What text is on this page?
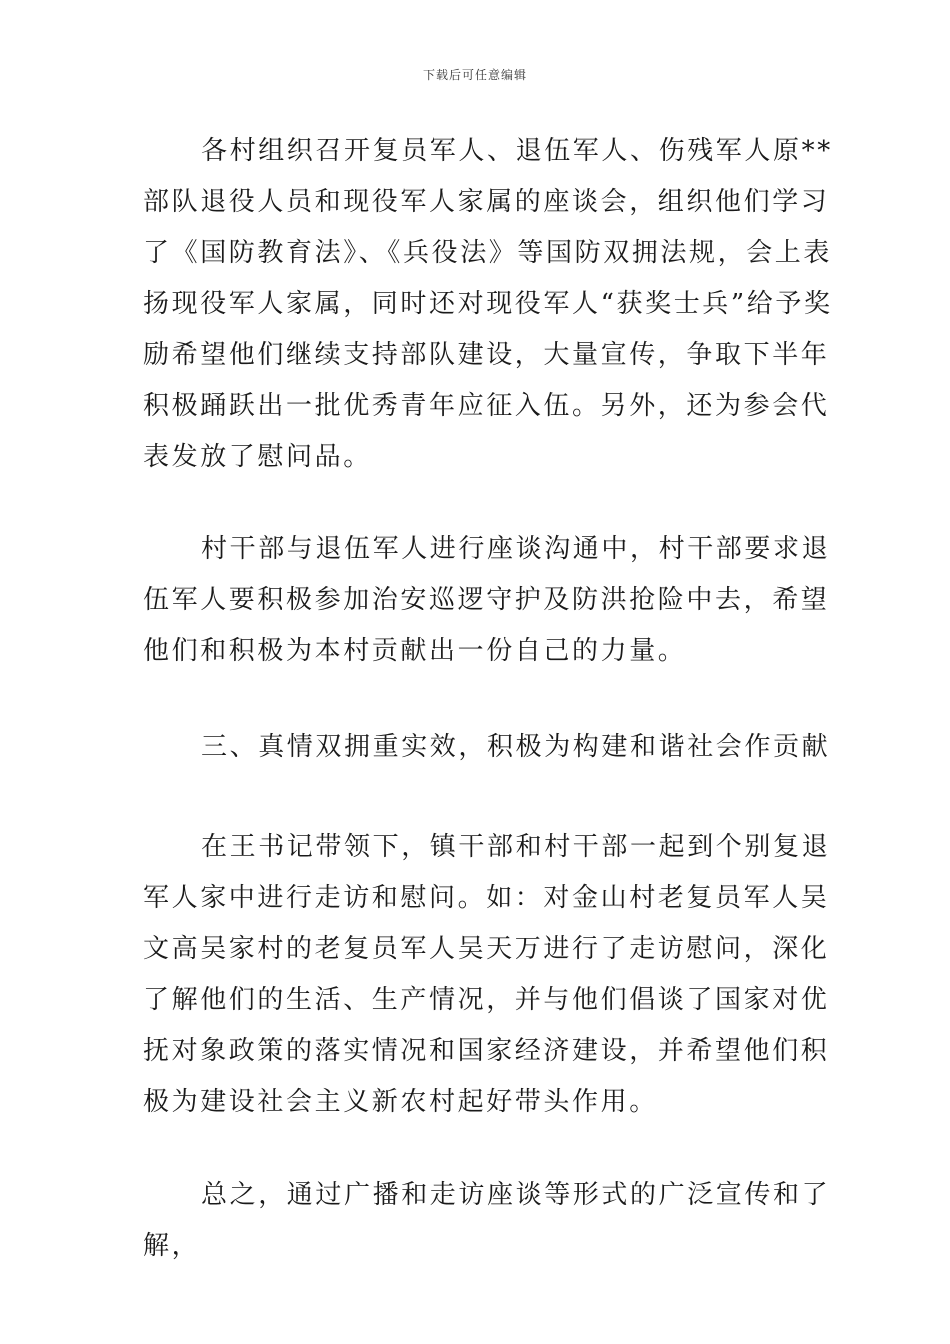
下载后可任意编辑

各村组织召开复员军人、退伍军人、伤残军人原**部队退役人员和现役军人家属的座谈会，组织他们学习了《国防教育法》、《兵役法》等国防双拥法规，会上表扬现役军人家属，同时还对现役军人“获奖士兵”给予奖励希望他们继续支持部队建设，大量宣传，争取下半年积极踊跃出一批优秀青年应征入伍。另外，还为参会代表发放了慰问品。

村干部与退伍军人进行座谈沟通中，村干部要求退伍军人要积极参加治安巡逻守护及防洪抢险中去，希望他们和积极为本村贡献出一份自己的力量。

三、真情双拥重实效，积极为构建和谐社会作贡献

在王书记带领下，镇干部和村干部一起到个别复退军人家中进行走访和慰问。如：对金山村老复员军人吴文高吴家村的老复员军人吴天万进行了走访慰问，深化了解他们的生活、生产情况，并与他们倡谈了国家对优抚对象政策的落实情况和国家经济建设，并希望他们积极为建设社会主义新农村起好带头作用。

总之，通过广播和走访座谈等形式的广泛宣传和了解，
